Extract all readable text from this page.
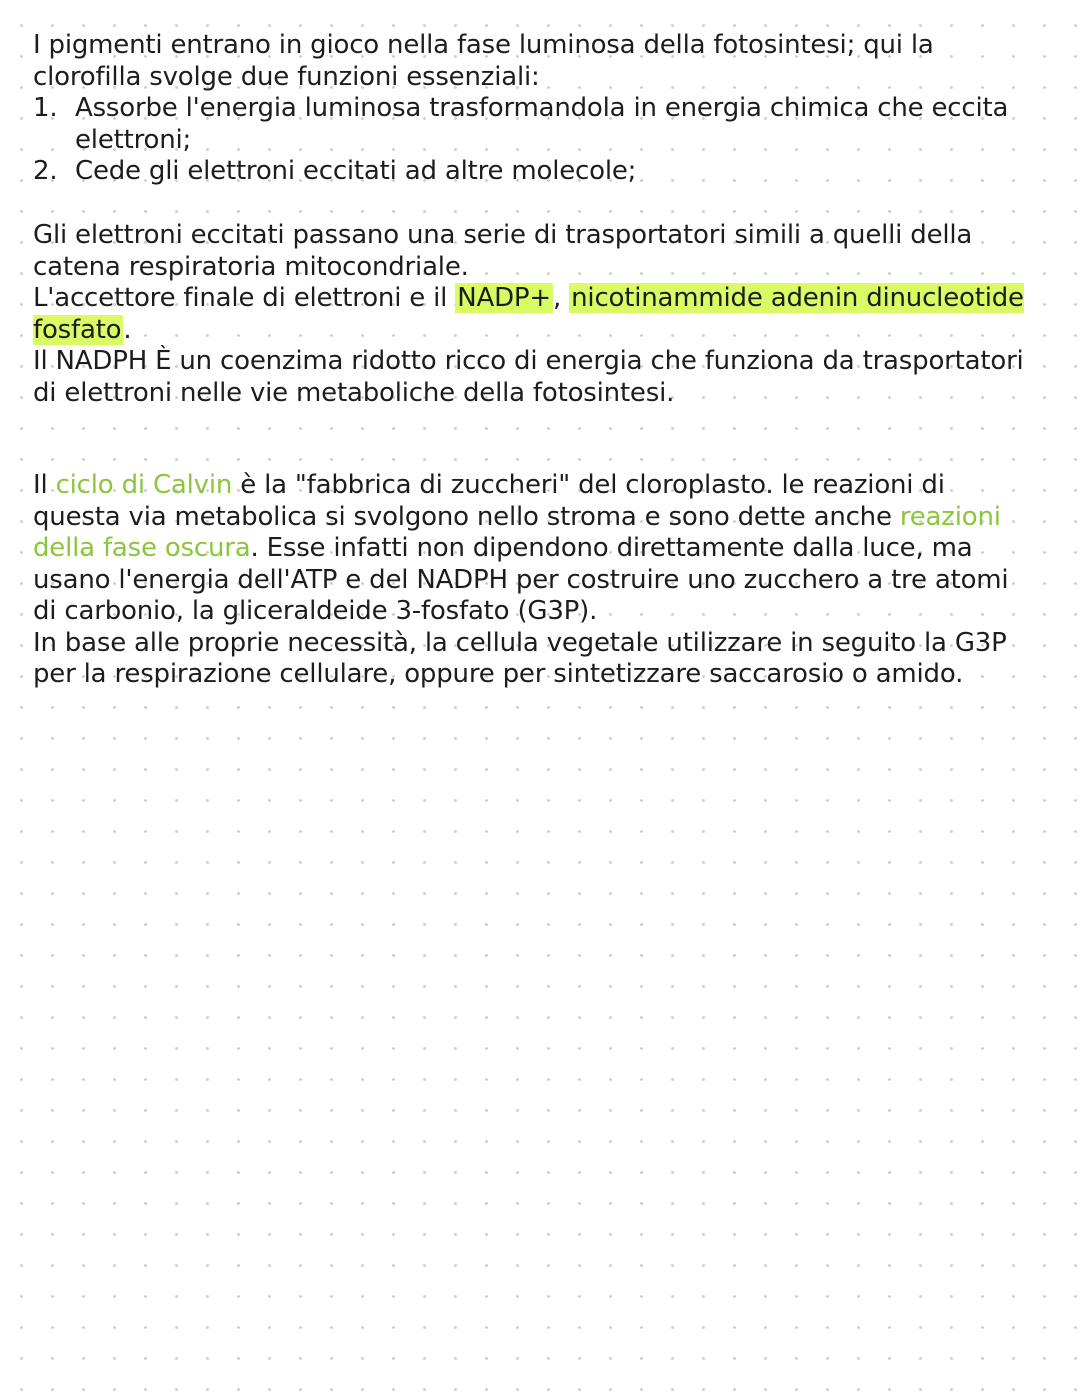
I pigmenti entrano in gioco nella fase luminosa della fotosintesi; qui la clorofilla svolge due funzioni essenziali:

1. Assorbe l'energia luminosa trasformandola in energia chimica che eccita elettroni;
2. Cede gli elettroni eccitati ad altre molecole;

Gli elettroni eccitati passano una serie di trasportatori simili a quelli della catena respiratoria mitocondriale.

L'accettore finale di elettroni e il NADP+, nicotinammide adenin dinucleotide fosfato.

Il NADPH È un coenzima ridotto ricco di energia che funziona da trasportatori di elettroni nelle vie metaboliche della fotosintesi.

Il ciclo di Calvin è la "fabbrica di zuccheri" del cloroplasto. le reazioni di questa via metabolica si svolgono nello stroma e sono dette anche reazioni della fase oscura. Esse infatti non dipendono direttamente dalla luce, ma usano l'energia dell'ATP e del NADPH per costruire uno zucchero a tre atomi di carbonio, la gliceraldeide 3-fosfato (G3P).

In base alle proprie necessità, la cellula vegetale utilizzare in seguito la G3P per la respirazione cellulare, oppure per sintetizzare saccarosio o amido.
